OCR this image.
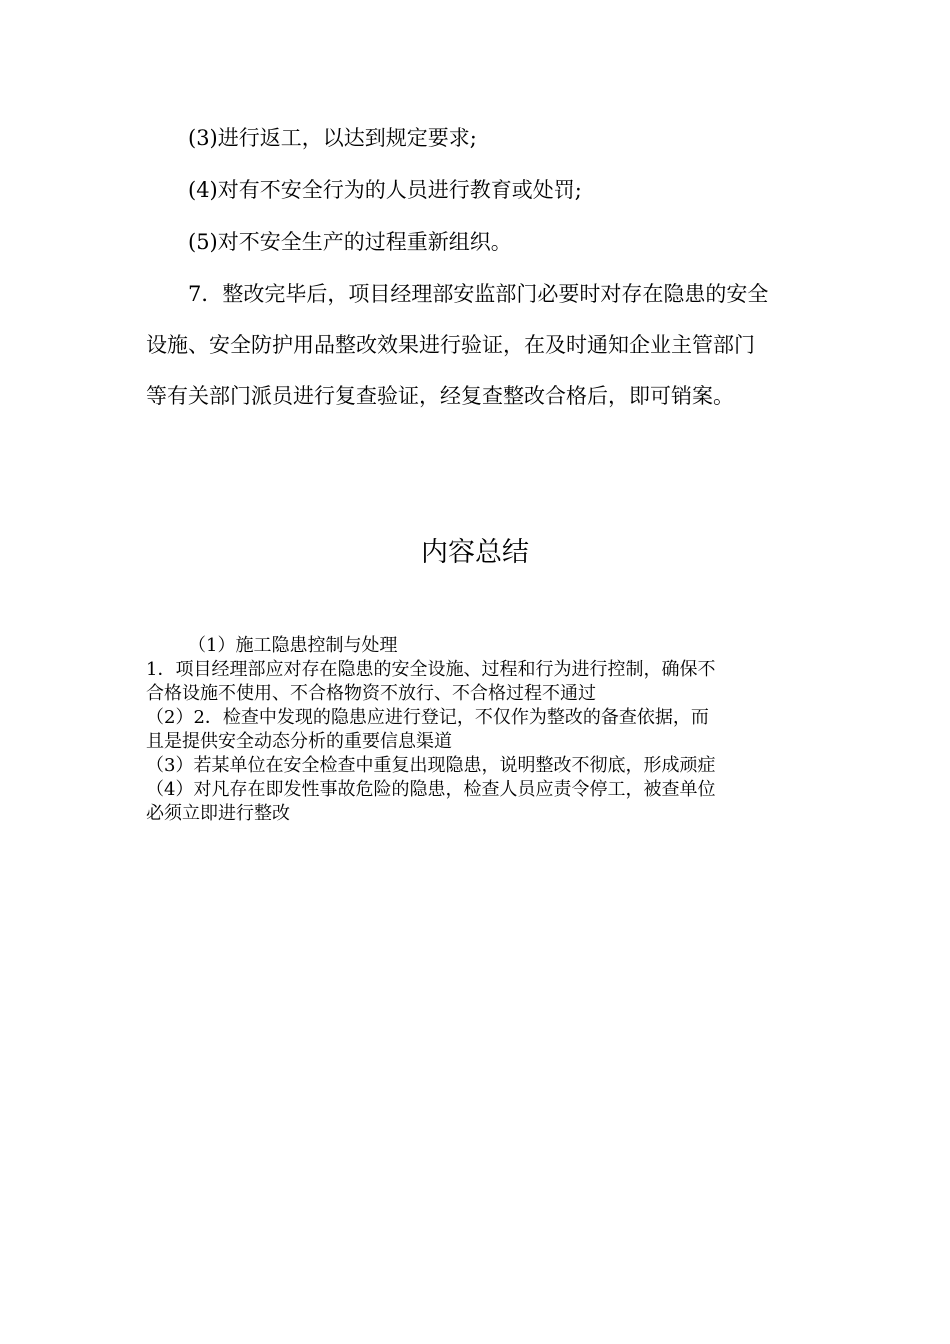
(3)进行返工，以达到规定要求;
(4)对有不安全行为的人员进行教育或处罚;
(5)对不安全生产的过程重新组织。
7．整改完毕后，项目经理部安监部门必要时对存在隐患的安全
设施、安全防护用品整改效果进行验证，在及时通知企业主管部门
等有关部门派员进行复查验证，经复查整改合格后，即可销案。
内容总结
（1）施工隐患控制与处理
1．项目经理部应对存在隐患的安全设施、过程和行为进行控制，确保不
合格设施不使用、不合格物资不放行、不合格过程不通过
（2）2．检查中发现的隐患应进行登记，不仅作为整改的备查依据，而
且是提供安全动态分析的重要信息渠道
（3）若某单位在安全检查中重复出现隐患，说明整改不彻底，形成顽症
（4）对凡存在即发性事故危险的隐患，检查人员应责令停工，被查单位
必须立即进行整改
